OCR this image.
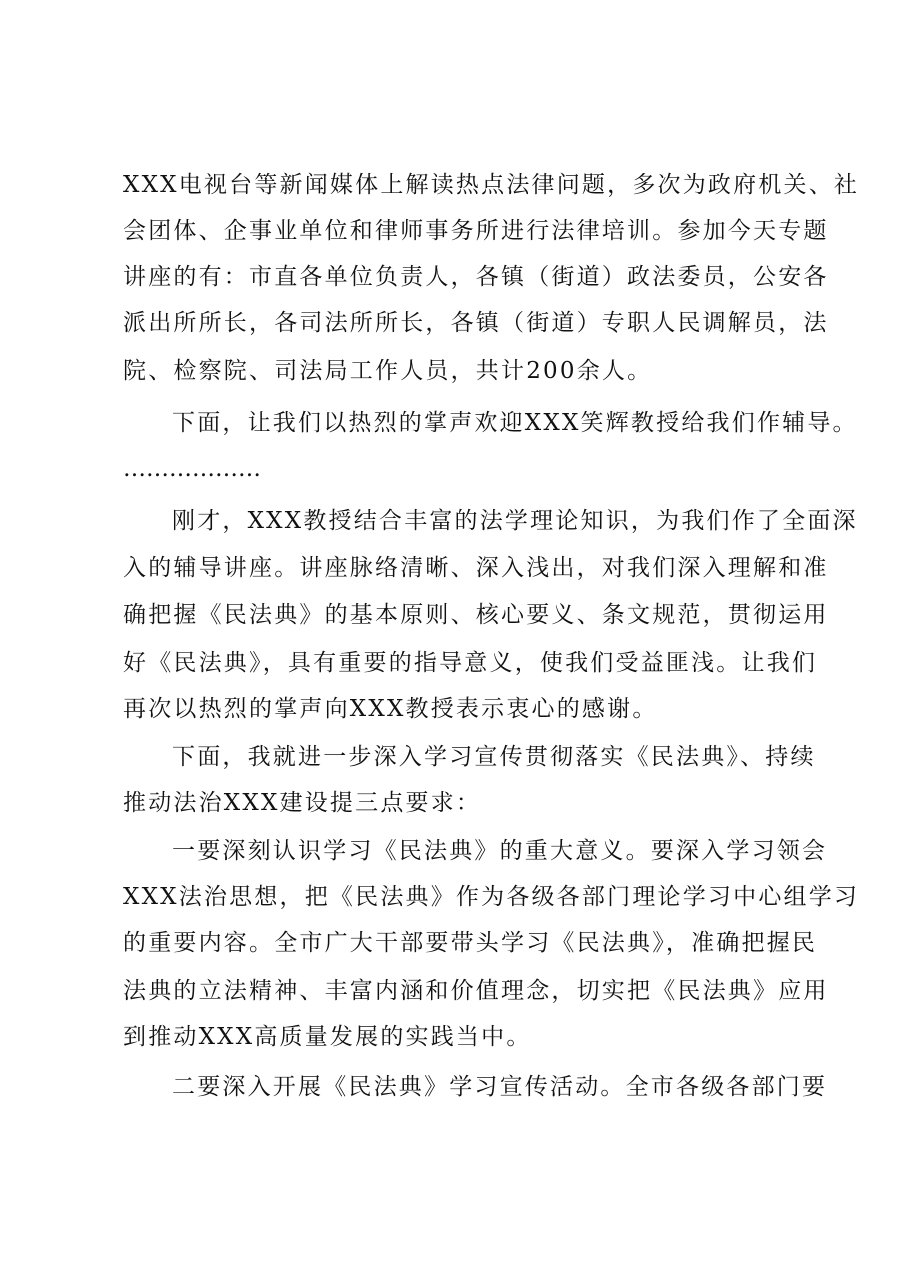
XXX电视台等新闻媒体上解读热点法律问题，多次为政府机关、社
会团体、企事业单位和律师事务所进行法律培训。参加今天专题
讲座的有：市直各单位负责人，各镇（街道）政法委员，公安各
派出所所长，各司法所所长，各镇（街道）专职人民调解员，法
院、检察院、司法局工作人员，共计200余人。
下面，让我们以热烈的掌声欢迎XXX笑辉教授给我们作辅导。
………………
刚才，XXX教授结合丰富的法学理论知识，为我们作了全面深
入的辅导讲座。讲座脉络清晰、深入浅出，对我们深入理解和准
确把握《民法典》的基本原则、核心要义、条文规范，贯彻运用
好《民法典》，具有重要的指导意义，使我们受益匪浅。让我们
再次以热烈的掌声向XXX教授表示衷心的感谢。
下面，我就进一步深入学习宣传贯彻落实《民法典》、持续
推动法治XXX建设提三点要求：
一要深刻认识学习《民法典》的重大意义。要深入学习领会
XXX法治思想，把《民法典》作为各级各部门理论学习中心组学习
的重要内容。全市广大干部要带头学习《民法典》，准确把握民
法典的立法精神、丰富内涵和价值理念，切实把《民法典》应用
到推动XXX高质量发展的实践当中。
二要深入开展《民法典》学习宣传活动。全市各级各部门要
